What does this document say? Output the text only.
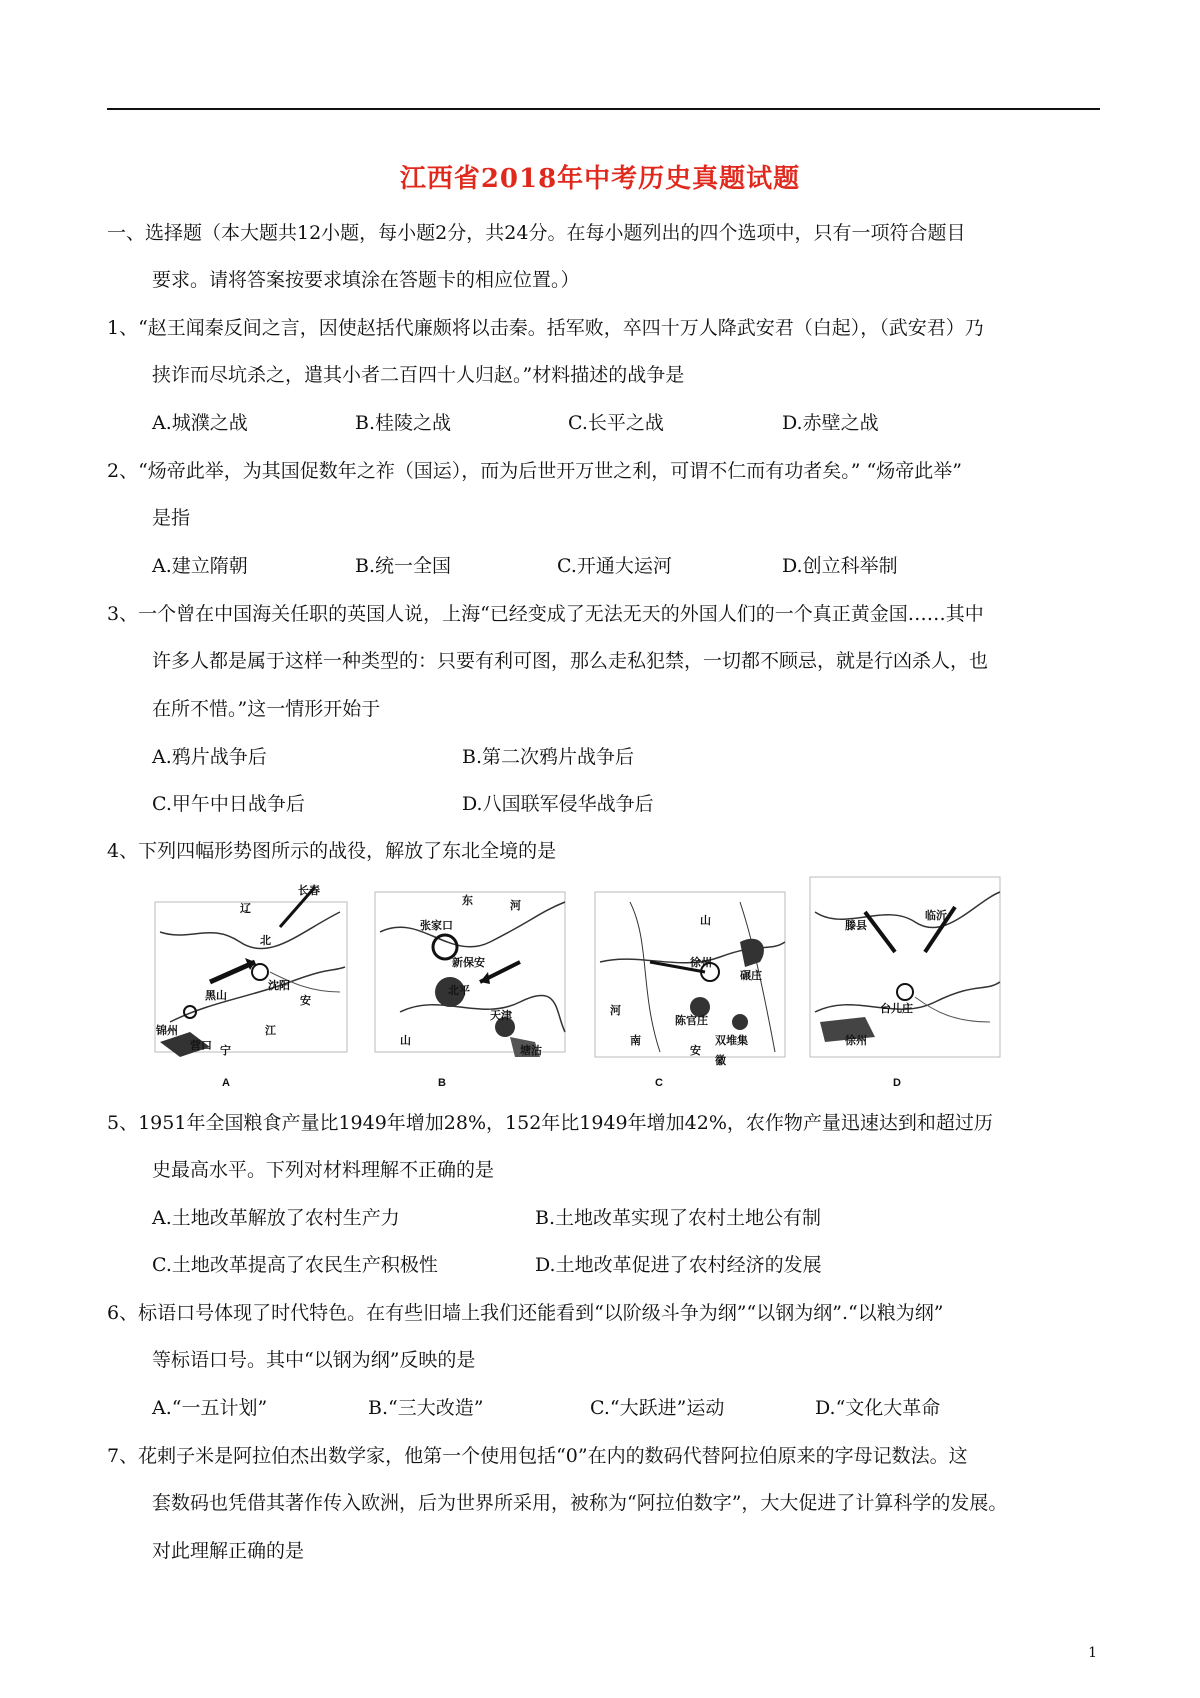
江西省2018年中考历史真题试题
一、选择题（本大题共12小题，每小题2分，共24分。在每小题列出的四个选项中，只有一项符合题目
要求。请将答案按要求填涂在答题卡的相应位置。）
1、“赵王闻秦反间之言，因使赵括代廉颇将以击秦。括军败，卒四十万人降武安君（白起），（武安君）乃
挟诈而尽坑杀之，遣其小者二百四十人归赵。”材料描述的战争是
A.城濮之战	B.桂陵之战	C.长平之战	D.赤壁之战
2、“炀帝此举，为其国促数年之祚（国运），而为后世开万世之利，可谓不仁而有功者矣。” “炀帝此举”
是指
A.建立隋朝	B.统一全国	C.开通大运河	D.创立科举制
3、一个曾在中国海关任职的英国人说，上海“已经变成了无法无天的外国人们的一个真正黄金国……其中
许多人都是属于这样一种类型的：只要有利可图，那么走私犯禁，一切都不顾忌，就是行凶杀人，也
在所不惜。”这一情形开始于
A.鸦片战争后	B.第二次鸦片战争后
C.甲午中日战争后	D.八国联军侵华战争后
4、下列四幅形势图所示的战役，解放了东北全境的是
辽
北
长春
锦州
沈阳
营口
黑山	安
江
宁
A
张家口
新保安
北平
天津
塘沽
河
山
东
B
徐州
碾庄
陈官庄
双堆集
河
南
山
安
徽
C
滕县
临沂
台儿庄
徐州
D
5、1951年全国粮食产量比1949年增加28%，152年比1949年增加42%，农作物产量迅速达到和超过历
史最高水平。下列对材料理解不正确的是
A.土地改革解放了农村生产力	B.土地改革实现了农村土地公有制
C.土地改革提高了农民生产积极性	D.土地改革促进了农村经济的发展
6、标语口号体现了时代特色。在有些旧墙上我们还能看到“以阶级斗争为纲”“以钢为纲”.“以粮为纲”
等标语口号。其中“以钢为纲”反映的是
A.“一五计划”	B.“三大改造”	C.“大跃进”运动	D.“文化大革命
7、花剌子米是阿拉伯杰出数学家，他第一个使用包括“0”在内的数码代替阿拉伯原来的字母记数法。这
套数码也凭借其著作传入欧洲，后为世界所采用，被称为“阿拉伯数字”，大大促进了计算科学的发展。
对此理解正确的是
1
